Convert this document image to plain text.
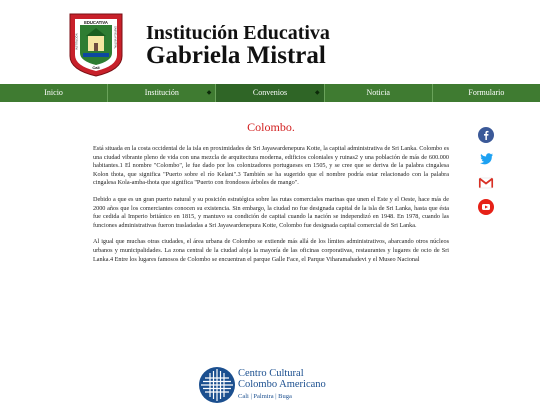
EDUCATIVA
Cali
INSTITUCIÓN	GABRIELA MISTRAL Institución Educativa
Gabriela Mistral
Inicio	Institución	◆	Convenios	◆	Noticia	Formulario
Colombo.

Está situada en la costa occidental de la isla en proximidades de Sri Jayawardenepura Kotte, la capital administrativa de Sri Lanka. Colombo es una ciudad vibrante pleno de vida con una mezcla de arquitectura moderna, edificios coloniales y ruinas2 y una población de más de 600.000 habitantes.1 El nombre "Colombo", le fue dado por los colonizadores portugueses en 1505, y se cree que se deriva de la palabra cingalesa Kolon thota, que significa "Puerto sobre el río Kelani".3 También se ha sugerido que el nombre podría estar relacionado con la palabra cingalesa Kola-amba-thota que significa "Puerto con frondosos árboles de mango".

Debido a que es un gran puerto natural y su posición estratégica sobre las rutas comerciales marinas que unen el Este y el Oeste, hace más de 2000 años que los comerciantes conocen su existencia. Sin embargo, la ciudad no fue designada capital de la isla de Sri Lanka, hasta que ésta fue cedida al Imperio británico en 1815, y mantuvo su condición de capital cuando la nación se independizó en 1948. En 1978, cuando las funciones administrativas fueron trasladadas a Sri Jayawardenepura Kotte, Colombo fue designada capital comercial de Sri Lanka.

Al igual que muchas otras ciudades, el área urbana de Colombo se extiende más allá de los límites administrativos, abarcando otros núcleos urbanos y municipalidades. La zona central de la ciudad aloja la mayoría de las oficinas corporativas, restaurantes y lugares de ocio de Sri Lanka.4 Entre los lugares famosos de Colombo se encuentran el parque Galle Face, el Parque Viharamahadevi y el Museo Nacional

Centro Cultural
Colombo Americano
Cali | Palmira | Buga
